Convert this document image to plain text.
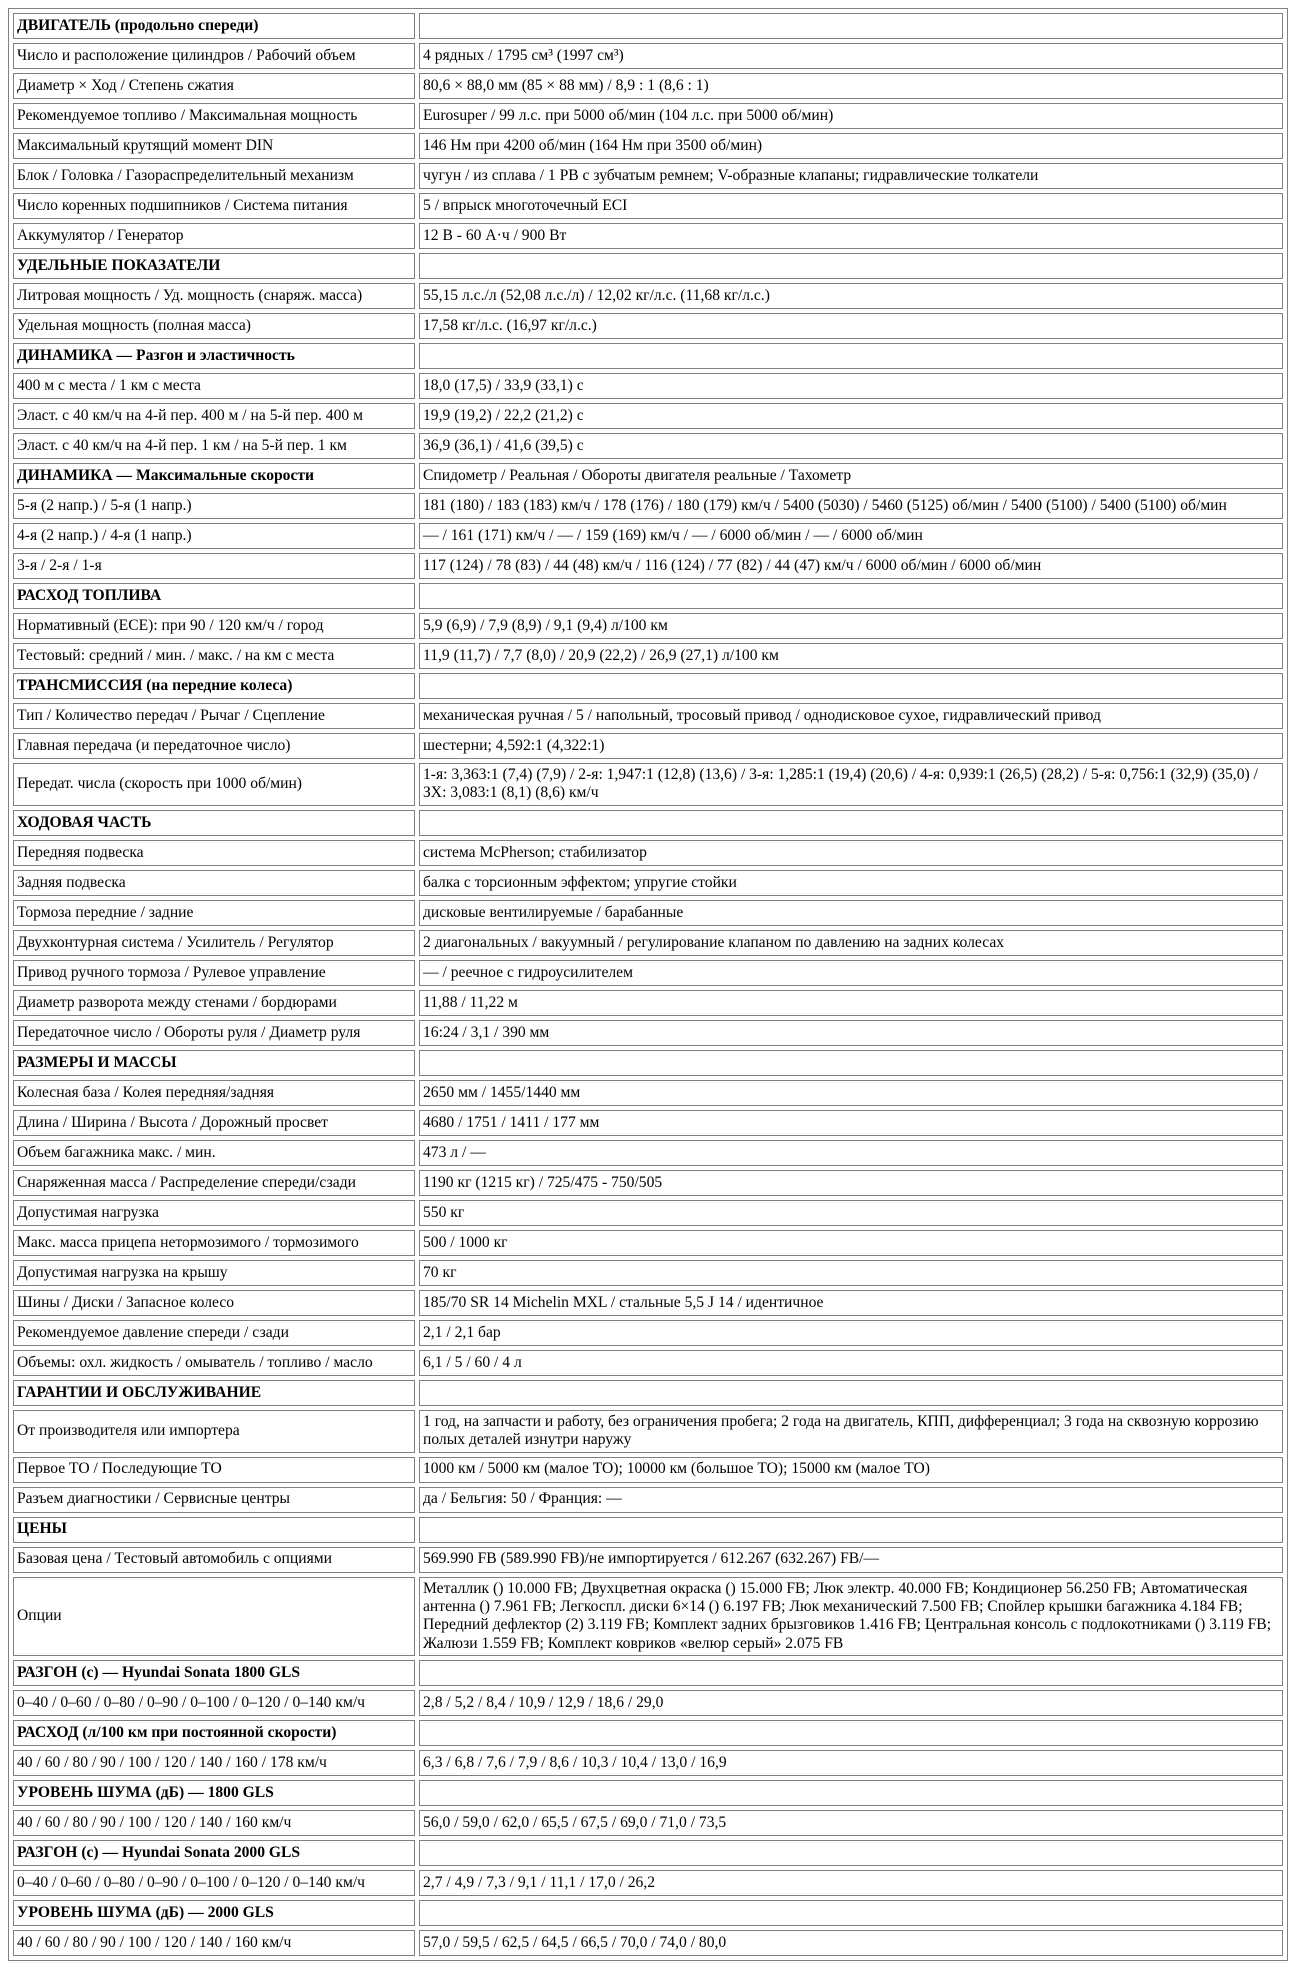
ДВИГАТЕЛЬ (продольно спереди)	
Число и расположение цилиндров / Рабочий объем	4 рядных / 1795 см³ (1997 см³)
Диаметр × Ход / Степень сжатия	80,6 × 88,0 мм (85 × 88 мм) / 8,9 : 1 (8,6 : 1)
Рекомендуемое топливо / Максимальная мощность	Eurosuper / 99 л.с. при 5000 об/мин (104 л.с. при 5000 об/мин)
Максимальный крутящий момент DIN	146 Нм при 4200 об/мин (164 Нм при 3500 об/мин)
Блок / Головка / Газораспределительный механизм	чугун / из сплава / 1 РВ с зубчатым ремнем; V-образные клапаны; гидравлические толкатели
Число коренных подшипников / Система питания	5 / впрыск многоточечный ECI
Аккумулятор / Генератор	12 В - 60 А·ч / 900 Вт
УДЕЛЬНЫЕ ПОКАЗАТЕЛИ	
Литровая мощность / Уд. мощность (снаряж. масса)	55,15 л.с./л (52,08 л.с./л) / 12,02 кг/л.с. (11,68 кг/л.с.)
Удельная мощность (полная масса)	17,58 кг/л.с. (16,97 кг/л.с.)
ДИНАМИКА — Разгон и эластичность	
400 м с места / 1 км с места	18,0 (17,5) / 33,9 (33,1) с
Эласт. с 40 км/ч на 4-й пер. 400 м / на 5-й пер. 400 м	19,9 (19,2) / 22,2 (21,2) с
Эласт. с 40 км/ч на 4-й пер. 1 км / на 5-й пер. 1 км	36,9 (36,1) / 41,6 (39,5) с
ДИНАМИКА — Максимальные скорости	Спидометр / Реальная / Обороты двигателя реальные / Тахометр
5-я (2 напр.) / 5-я (1 напр.)	181 (180) / 183 (183) км/ч / 178 (176) / 180 (179) км/ч / 5400 (5030) / 5460 (5125) об/мин / 5400 (5100) / 5400 (5100) об/мин
4-я (2 напр.) / 4-я (1 напр.)	— / 161 (171) км/ч / — / 159 (169) км/ч / — / 6000 об/мин / — / 6000 об/мин
3-я / 2-я / 1-я	117 (124) / 78 (83) / 44 (48) км/ч / 116 (124) / 77 (82) / 44 (47) км/ч / 6000 об/мин / 6000 об/мин
РАСХОД ТОПЛИВА	
Нормативный (ECE): при 90 / 120 км/ч / город	5,9 (6,9) / 7,9 (8,9) / 9,1 (9,4) л/100 км
Тестовый: средний / мин. / макс. / на км с места	11,9 (11,7) / 7,7 (8,0) / 20,9 (22,2) / 26,9 (27,1) л/100 км
ТРАНСМИССИЯ (на передние колеса)	
Тип / Количество передач / Рычаг / Сцепление	механическая ручная / 5 / напольный, тросовый привод / однодисковое сухое, гидравлический привод
Главная передача (и передаточное число)	шестерни; 4,592:1 (4,322:1)
Передат. числа (скорость при 1000 об/мин)	1-я: 3,363:1 (7,4) (7,9) / 2-я: 1,947:1 (12,8) (13,6) / 3-я: 1,285:1 (19,4) (20,6) / 4-я: 0,939:1 (26,5) (28,2) / 5-я: 0,756:1 (32,9) (35,0) / ЗХ: 3,083:1 (8,1) (8,6) км/ч
ХОДОВАЯ ЧАСТЬ	
Передняя подвеска	система McPherson; стабилизатор
Задняя подвеска	балка с торсионным эффектом; упругие стойки
Тормоза передние / задние	дисковые вентилируемые / барабанные
Двухконтурная система / Усилитель / Регулятор	2 диагональных / вакуумный / регулирование клапаном по давлению на задних колесах
Привод ручного тормоза / Рулевое управление	— / реечное с гидроусилителем
Диаметр разворота между стенами / бордюрами	11,88 / 11,22 м
Передаточное число / Обороты руля / Диаметр руля	16:24 / 3,1 / 390 мм
РАЗМЕРЫ И МАССЫ	
Колесная база / Колея передняя/задняя	2650 мм / 1455/1440 мм
Длина / Ширина / Высота / Дорожный просвет	4680 / 1751 / 1411 / 177 мм
Объем багажника макс. / мин.	473 л / —
Снаряженная масса / Распределение спереди/сзади	1190 кг (1215 кг) / 725/475 - 750/505
Допустимая нагрузка	550 кг
Макс. масса прицепа нетормозимого / тормозимого	500 / 1000 кг
Допустимая нагрузка на крышу	70 кг
Шины / Диски / Запасное колесо	185/70 SR 14 Michelin MXL / стальные 5,5 J 14 / идентичное
Рекомендуемое давление спереди / сзади	2,1 / 2,1 бар
Объемы: охл. жидкость / омыватель / топливо / масло	6,1 / 5 / 60 / 4 л
ГАРАНТИИ И ОБСЛУЖИВАНИЕ	
От производителя или импортера	1 год, на запчасти и работу, без ограничения пробега; 2 года на двигатель, КПП, дифференциал; 3 года на сквозную коррозию полых деталей изнутри наружу
Первое ТО / Последующие ТО	1000 км / 5000 км (малое ТО); 10000 км (большое ТО); 15000 км (малое ТО)
Разъем диагностики / Сервисные центры	да / Бельгия: 50 / Франция: —
ЦЕНЫ	
Базовая цена / Тестовый автомобиль с опциями	569.990 FB (589.990 FB)/не импортируется / 612.267 (632.267) FB/—
Опции	Металлик () 10.000 FB; Двухцветная окраска () 15.000 FB; Люк электр. 40.000 FB; Кондиционер 56.250 FB; Автоматическая антенна () 7.961 FB; Легкоспл. диски 6×14 () 6.197 FB; Люк механический 7.500 FB; Спойлер крышки багажника 4.184 FB; Передний дефлектор (2) 3.119 FB; Комплект задних брызговиков 1.416 FB; Центральная консоль с подлокотниками () 3.119 FB; Жалюзи 1.559 FB; Комплект ковриков «велюр серый» 2.075 FB
РАЗГОН (с) — Hyundai Sonata 1800 GLS	
0–40 / 0–60 / 0–80 / 0–90 / 0–100 / 0–120 / 0–140 км/ч	2,8 / 5,2 / 8,4 / 10,9 / 12,9 / 18,6 / 29,0
РАСХОД (л/100 км при постоянной скорости)	
40 / 60 / 80 / 90 / 100 / 120 / 140 / 160 / 178 км/ч	6,3 / 6,8 / 7,6 / 7,9 / 8,6 / 10,3 / 10,4 / 13,0 / 16,9
УРОВЕНЬ ШУМА (дБ) — 1800 GLS	
40 / 60 / 80 / 90 / 100 / 120 / 140 / 160 км/ч	56,0 / 59,0 / 62,0 / 65,5 / 67,5 / 69,0 / 71,0 / 73,5
РАЗГОН (с) — Hyundai Sonata 2000 GLS	
0–40 / 0–60 / 0–80 / 0–90 / 0–100 / 0–120 / 0–140 км/ч	2,7 / 4,9 / 7,3 / 9,1 / 11,1 / 17,0 / 26,2
УРОВЕНЬ ШУМА (дБ) — 2000 GLS	
40 / 60 / 80 / 90 / 100 / 120 / 140 / 160 км/ч	57,0 / 59,5 / 62,5 / 64,5 / 66,5 / 70,0 / 74,0 / 80,0
